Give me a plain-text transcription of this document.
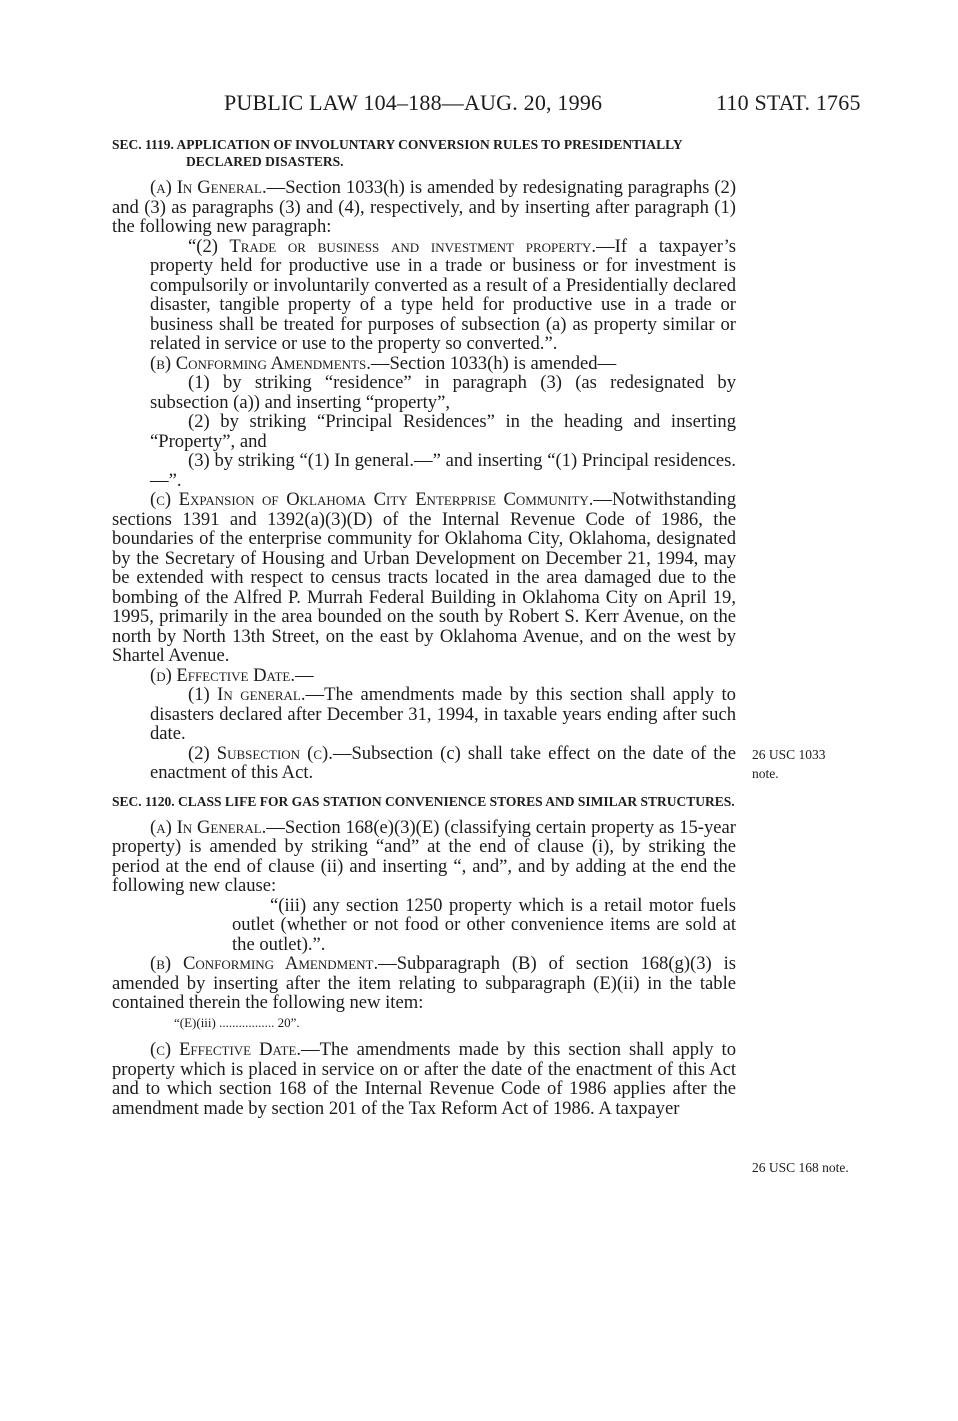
PUBLIC LAW 104–188—AUG. 20, 1996	110 STAT. 1765

SEC. 1119. APPLICATION OF INVOLUNTARY CONVERSION RULES TO PRESIDENTIALLY DECLARED DISASTERS.

(a) In General.—Section 1033(h) is amended by redesignating paragraphs (2) and (3) as paragraphs (3) and (4), respectively, and by inserting after paragraph (1) the following new paragraph:

“(2) Trade or business and investment property.—If a taxpayer’s property held for productive use in a trade or business or for investment is compulsorily or involuntarily converted as a result of a Presidentially declared disaster, tangible property of a type held for productive use in a trade or business shall be treated for purposes of subsection (a) as property similar or related in service or use to the property so converted.”.

(b) Conforming Amendments.—Section 1033(h) is amended—

(1) by striking “residence” in paragraph (3) (as redesignated by subsection (a)) and inserting “property”,

(2) by striking “Principal Residences” in the heading and inserting “Property”, and

(3) by striking “(1) In general.—” and inserting “(1) Principal residences.—”.

(c) Expansion of Oklahoma City Enterprise Community.—Notwithstanding sections 1391 and 1392(a)(3)(D) of the Internal Revenue Code of 1986, the boundaries of the enterprise community for Oklahoma City, Oklahoma, designated by the Secretary of Housing and Urban Development on December 21, 1994, may be extended with respect to census tracts located in the area damaged due to the bombing of the Alfred P. Murrah Federal Building in Oklahoma City on April 19, 1995, primarily in the area bounded on the south by Robert S. Kerr Avenue, on the north by North 13th Street, on the east by Oklahoma Avenue, and on the west by Shartel Avenue.

(d) Effective Date.—

(1) In general.—The amendments made by this section shall apply to disasters declared after December 31, 1994, in taxable years ending after such date.

(2) Subsection (c).—Subsection (c) shall take effect on the date of the enactment of this Act.

SEC. 1120. CLASS LIFE FOR GAS STATION CONVENIENCE STORES AND SIMILAR STRUCTURES.

(a) In General.—Section 168(e)(3)(E) (classifying certain property as 15-year property) is amended by striking “and” at the end of clause (i), by striking the period at the end of clause (ii) and inserting “, and”, and by adding at the end the following new clause:

“(iii) any section 1250 property which is a retail motor fuels outlet (whether or not food or other convenience items are sold at the outlet).”.

(b) Conforming Amendment.—Subparagraph (B) of section 168(g)(3) is amended by inserting after the item relating to subparagraph (E)(ii) in the table contained therein the following new item:

“(E)(iii) ................. 20”.

(c) Effective Date.—The amendments made by this section shall apply to property which is placed in service on or after the date of the enactment of this Act and to which section 168 of the Internal Revenue Code of 1986 applies after the amendment made by section 201 of the Tax Reform Act of 1986. A taxpayer

26 USC 1033
note.
26 USC 168 note.
